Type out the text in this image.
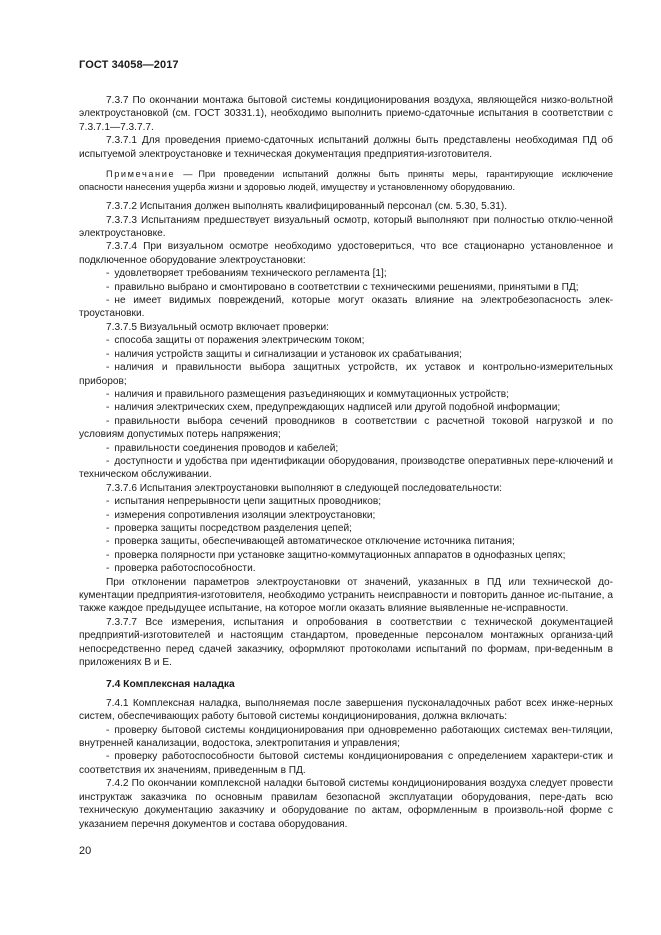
ГОСТ 34058—2017

7.3.7 По окончании монтажа бытовой системы кондиционирования воздуха, являющейся низко-вольтной электроустановкой (см. ГОСТ 30331.1), необходимо выполнить приемо-сдаточные испытания в соответствии с 7.3.7.1—7.3.7.7.

7.3.7.1 Для проведения приемо-сдаточных испытаний должны быть представлены необходимая ПД об испытуемой электроустановке и техническая документация предприятия-изготовителя.

Примечание — При проведении испытаний должны быть приняты меры, гарантирующие исключение опасности нанесения ущерба жизни и здоровью людей, имуществу и установленному оборудованию.

7.3.7.2 Испытания должен выполнять квалифицированный персонал (см. 5.30, 5.31).

7.3.7.3 Испытаниям предшествует визуальный осмотр, который выполняют при полностью отклю-ченной электроустановке.

7.3.7.4 При визуальном осмотре необходимо удостовериться, что все стационарно установленное и подключенное оборудование электроустановки:

- удовлетворяет требованиям технического регламента [1];

- правильно выбрано и смонтировано в соответствии с техническими решениями, принятыми в ПД;

- не имеет видимых повреждений, которые могут оказать влияние на электробезопасность элек-троустановки.

7.3.7.5 Визуальный осмотр включает проверки:

- способа защиты от поражения электрическим током;

- наличия устройств защиты и сигнализации и установок их срабатывания;

- наличия и правильности выбора защитных устройств, их уставок и контрольно-измерительных приборов;

- наличия и правильного размещения разъединяющих и коммутационных устройств;

- наличия электрических схем, предупреждающих надписей или другой подобной информации;

- правильности выбора сечений проводников в соответствии с расчетной токовой нагрузкой и по условиям допустимых потерь напряжения;

- правильности соединения проводов и кабелей;

- доступности и удобства при идентификации оборудования, производстве оперативных пере-ключений и техническом обслуживании.

7.3.7.6 Испытания электроустановки выполняют в следующей последовательности:

- испытания непрерывности цепи защитных проводников;

- измерения сопротивления изоляции электроустановки;

- проверка защиты посредством разделения цепей;

- проверка защиты, обеспечивающей автоматическое отключение источника питания;

- проверка полярности при установке защитно-коммутационных аппаратов в однофазных цепях;

- проверка работоспособности.

При отклонении параметров электроустановки от значений, указанных в ПД или технической до-кументации предприятия-изготовителя, необходимо устранить неисправности и повторить данное ис-пытание, а также каждое предыдущее испытание, на которое могли оказать влияние выявленные не-исправности.

7.3.7.7 Все измерения, испытания и опробования в соответствии с технической документацией предприятий-изготовителей и настоящим стандартом, проведенные персоналом монтажных организа-ций непосредственно перед сдачей заказчику, оформляют протоколами испытаний по формам, при-веденным в приложениях В и Е.

7.4 Комплексная наладка

7.4.1 Комплексная наладка, выполняемая после завершения пусконаладочных работ всех инже-нерных систем, обеспечивающих работу бытовой системы кондиционирования, должна включать:

- проверку бытовой системы кондиционирования при одновременно работающих системах вен-тиляции, внутренней канализации, водостока, электропитания и управления;

- проверку работоспособности бытовой системы кондиционирования с определением характери-стик и соответствия их значениям, приведенным в ПД.

7.4.2 По окончании комплексной наладки бытовой системы кондиционирования воздуха следует провести инструктаж заказчика по основным правилам безопасной эксплуатации оборудования, пере-дать всю техническую документацию заказчику и оборудование по актам, оформленным в произволь-ной форме с указанием перечня документов и состава оборудования.

20
